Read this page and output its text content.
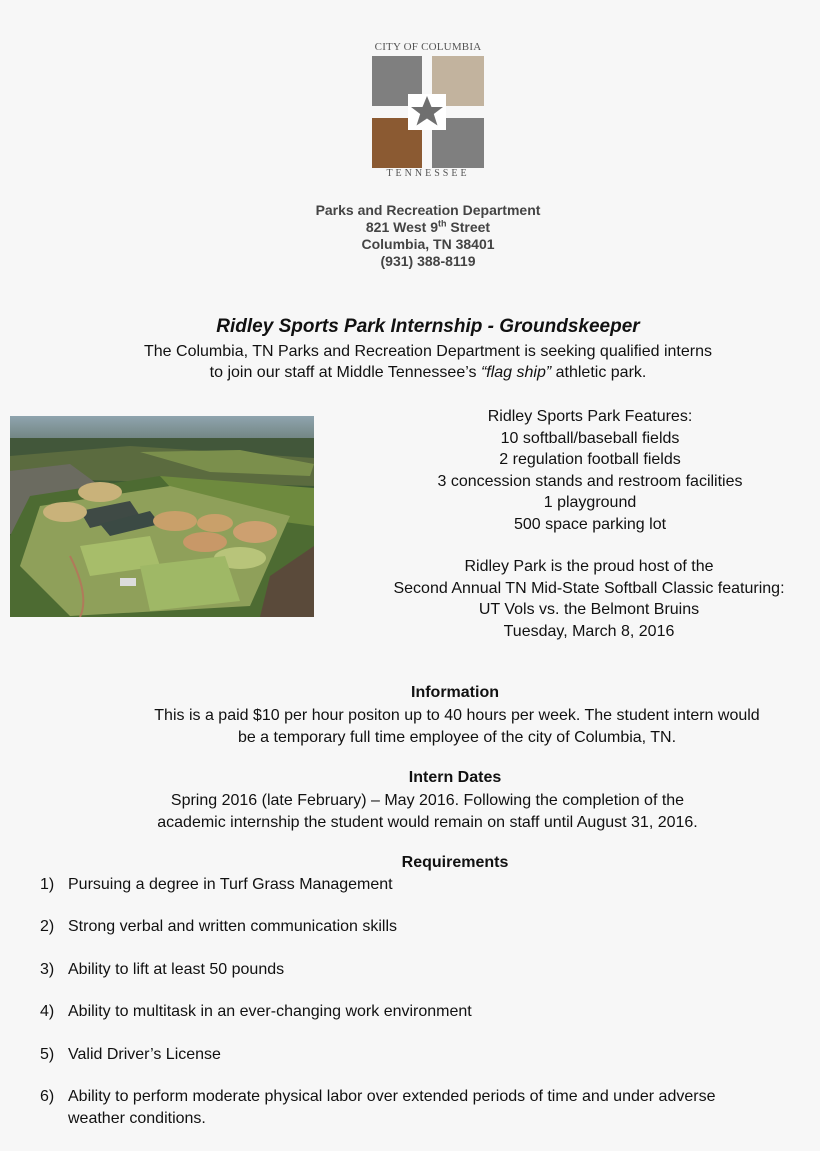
CITY OF COLUMBIA
TENNESSEE
Parks and Recreation Department
821 West 9th Street
Columbia, TN 38401
(931) 388-8119
Ridley Sports Park Internship - Groundskeeper
The Columbia, TN Parks and Recreation Department is seeking qualified interns
to join our staff at Middle Tennessee’s “flag ship” athletic park.
Ridley Sports Park Features:
10 softball/baseball fields
2 regulation football fields
3 concession stands and restroom facilities
1 playground
500 space parking lot
Ridley Park is the proud host of the
Second Annual TN Mid-State Softball Classic featuring:
UT Vols vs. the Belmont Bruins
Tuesday, March 8, 2016
Information
This is a paid $10 per hour positon up to 40 hours per week. The student intern would
be a temporary full time employee of the city of Columbia, TN.
Intern Dates
Spring 2016 (late February) – May 2016. Following the completion of the
academic internship the student would remain on staff until August 31, 2016.
Requirements
1) Pursuing a degree in Turf Grass Management
2) Strong verbal and written communication skills
3) Ability to lift at least 50 pounds
4) Ability to multitask in an ever-changing work environment
5) Valid Driver’s License
6) Ability to perform moderate physical labor over extended periods of time and under adverse weather conditions.
